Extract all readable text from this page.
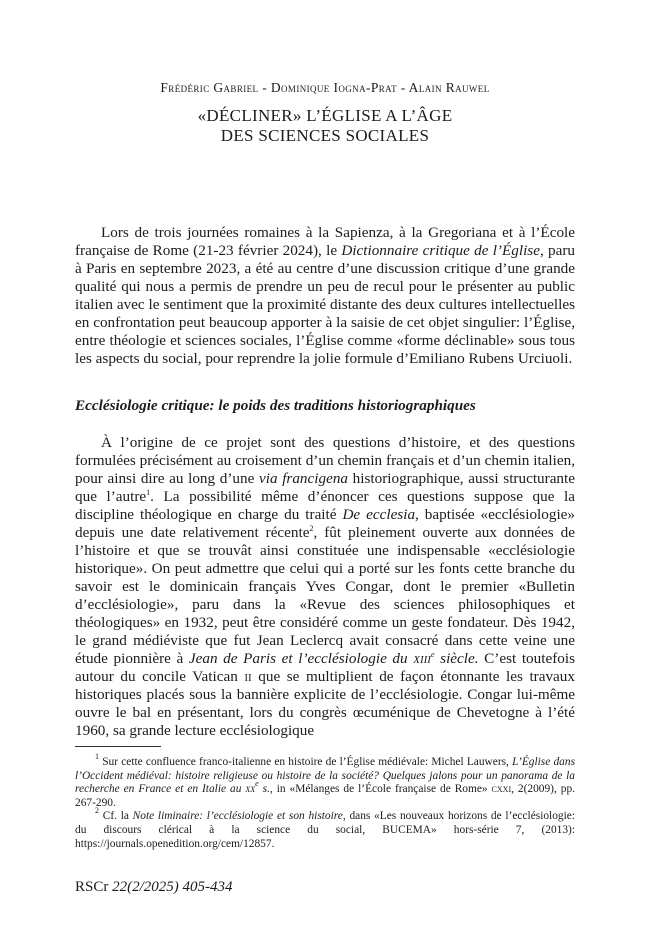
Frédéric Gabriel - Dominique Iogna-Prat - Alain Rauwel
«DÉCLINER» L’ÉGLISE A L’ÂGE
DES SCIENCES SOCIALES

Lors de trois journées romaines à la Sapienza, à la Gregoriana et à l’École française de Rome (21-23 février 2024), le Dictionnaire critique de l’Église, paru à Paris en septembre 2023, a été au centre d’une discussion critique d’une grande qualité qui nous a permis de prendre un peu de recul pour le présenter au public italien avec le sentiment que la proximité distante des deux cultures intellectuelles en confrontation peut beaucoup apporter à la saisie de cet objet singulier: l’Église, entre théologie et sciences sociales, l’Église comme «forme déclinable» sous tous les aspects du social, pour reprendre la jolie formule d’Emiliano Rubens Urciuoli.

Ecclésiologie critique: le poids des traditions historiographiques

À l’origine de ce projet sont des questions d’histoire, et des questions formulées précisément au croisement d’un chemin français et d’un chemin italien, pour ainsi dire au long d’une via francigena historiographique, aussi structurante que l’autre$^1$. La possibilité même d’énoncer ces questions suppose que la discipline théologique en charge du traité De ecclesia, baptisée «ecclésiologie» depuis une date relativement récente$^2$, fût pleinement ouverte aux données de l’histoire et que se trouvât ainsi constituée une indispensable «ecclésiologie historique». On peut admettre que celui qui a porté sur les fonts cette branche du savoir est le dominicain français Yves Congar, dont le premier «Bulletin d’ecclésiologie», paru dans la «Revue des sciences philosophiques et théologiques» en 1932, peut être considéré comme un geste fondateur. Dès 1942, le grand médiéviste que fut Jean Leclercq avait consacré dans cette veine une étude pionnière à Jean de Paris et l’ecclésiologie du xiii$^e$ siècle. C’est toutefois autour du concile Vatican ii que se multiplient de façon étonnante les travaux historiques placés sous la bannière explicite de l’ecclésiologie. Congar lui-même ouvre le bal en présentant, lors du congrès œcuménique de Chevetogne à l’été 1960, sa grande lecture ecclésiologique

$^1$ Sur cette confluence franco-italienne en histoire de l’Église médiévale: Michel Lauwers, L’Église dans l’Occident médiéval: histoire religieuse ou histoire de la société? Quelques jalons pour un panorama de la recherche en France et en Italie au $xx^e$ s., in «Mélanges de l’École française de Rome» cxxi, 2(2009), pp. 267-290.

$^2$ Cf. la Note liminaire: l’ecclésiologie et son histoire, dans «Les nouveaux horizons de l’ecclésiologie: du discours clérical à la science du social, BUCEMA» hors-série 7, (2013): https://journals.openedition.org/cem/12857.

RSCr 22(2/2025) 405-434
